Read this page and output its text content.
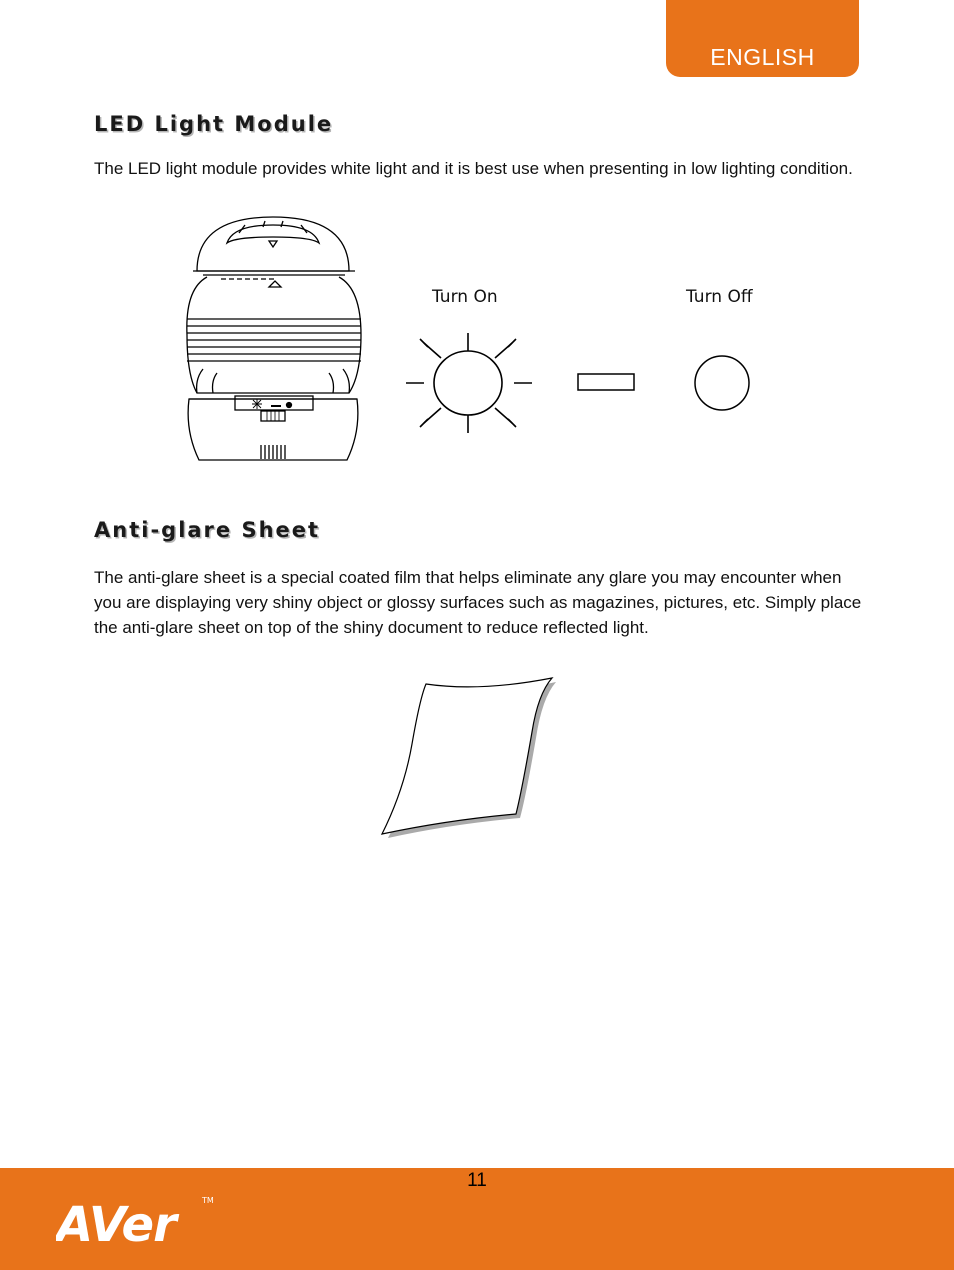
ENGLISH
LED Light Module

The LED light module provides white light and it is best use when presenting in low lighting condition.

Turn On	Turn Off
Anti-glare Sheet

The anti-glare sheet is a special coated film that helps eliminate any glare you may encounter when you are displaying very shiny object or glossy surfaces such as magazines, pictures, etc. Simply place the anti-glare sheet on top of the shiny document to reduce reflected light.

11
AVer	TM
